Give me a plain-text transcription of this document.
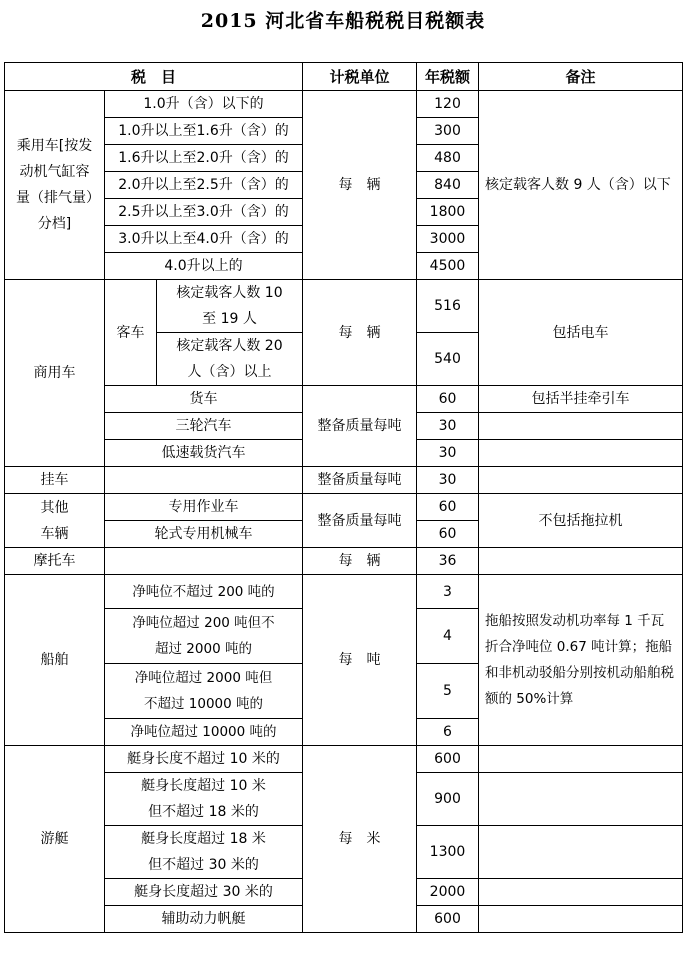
2015 河北省车船税税目税额表
税　目			计税单位	年税额	备注
乘用车[按发动机气缸容量（排气量）分档]	1.0升（含）以下的		每　辆	120	核定载客人数 9 人（含）以下
	1.0升以上至1.6升（含）的			300	
	1.6升以上至2.0升（含）的			480	
	2.0升以上至2.5升（含）的			840	
	2.5升以上至3.0升（含）的			1800	
	3.0升以上至4.0升（含）的			3000	
	4.0升以上的			4500	
商用车	客车	核定载客人数 10 至 19 人	每　辆	516	包括电车
		核定载客人数 20 人（含）以上		540	
	货车		整备质量每吨	60	包括半挂牵引车
	三轮汽车			30	
	低速载货汽车			30	
挂车			整备质量每吨	30	
其他车辆	专用作业车		整备质量每吨	60	不包括拖拉机
	轮式专用机械车			60	
摩托车			每　辆	36	
船舶	净吨位不超过 200 吨的		每　吨	3	拖船按照发动机功率每 1 千瓦折合净吨位 0.67 吨计算；拖船和非机动驳船分别按机动船舶税额的 50%计算
	净吨位超过 200 吨但不超过 2000 吨的			4	
	净吨位超过 2000 吨但不超过 10000 吨的			5	
	净吨位超过 10000 吨的			6	
游艇	艇身长度不超过 10 米的		每　米	600	
	艇身长度超过 10 米但不超过 18 米的			900	
	艇身长度超过 18 米但不超过 30 米的			1300	
	艇身长度超过 30 米的			2000	
	辅助动力帆艇			600	
